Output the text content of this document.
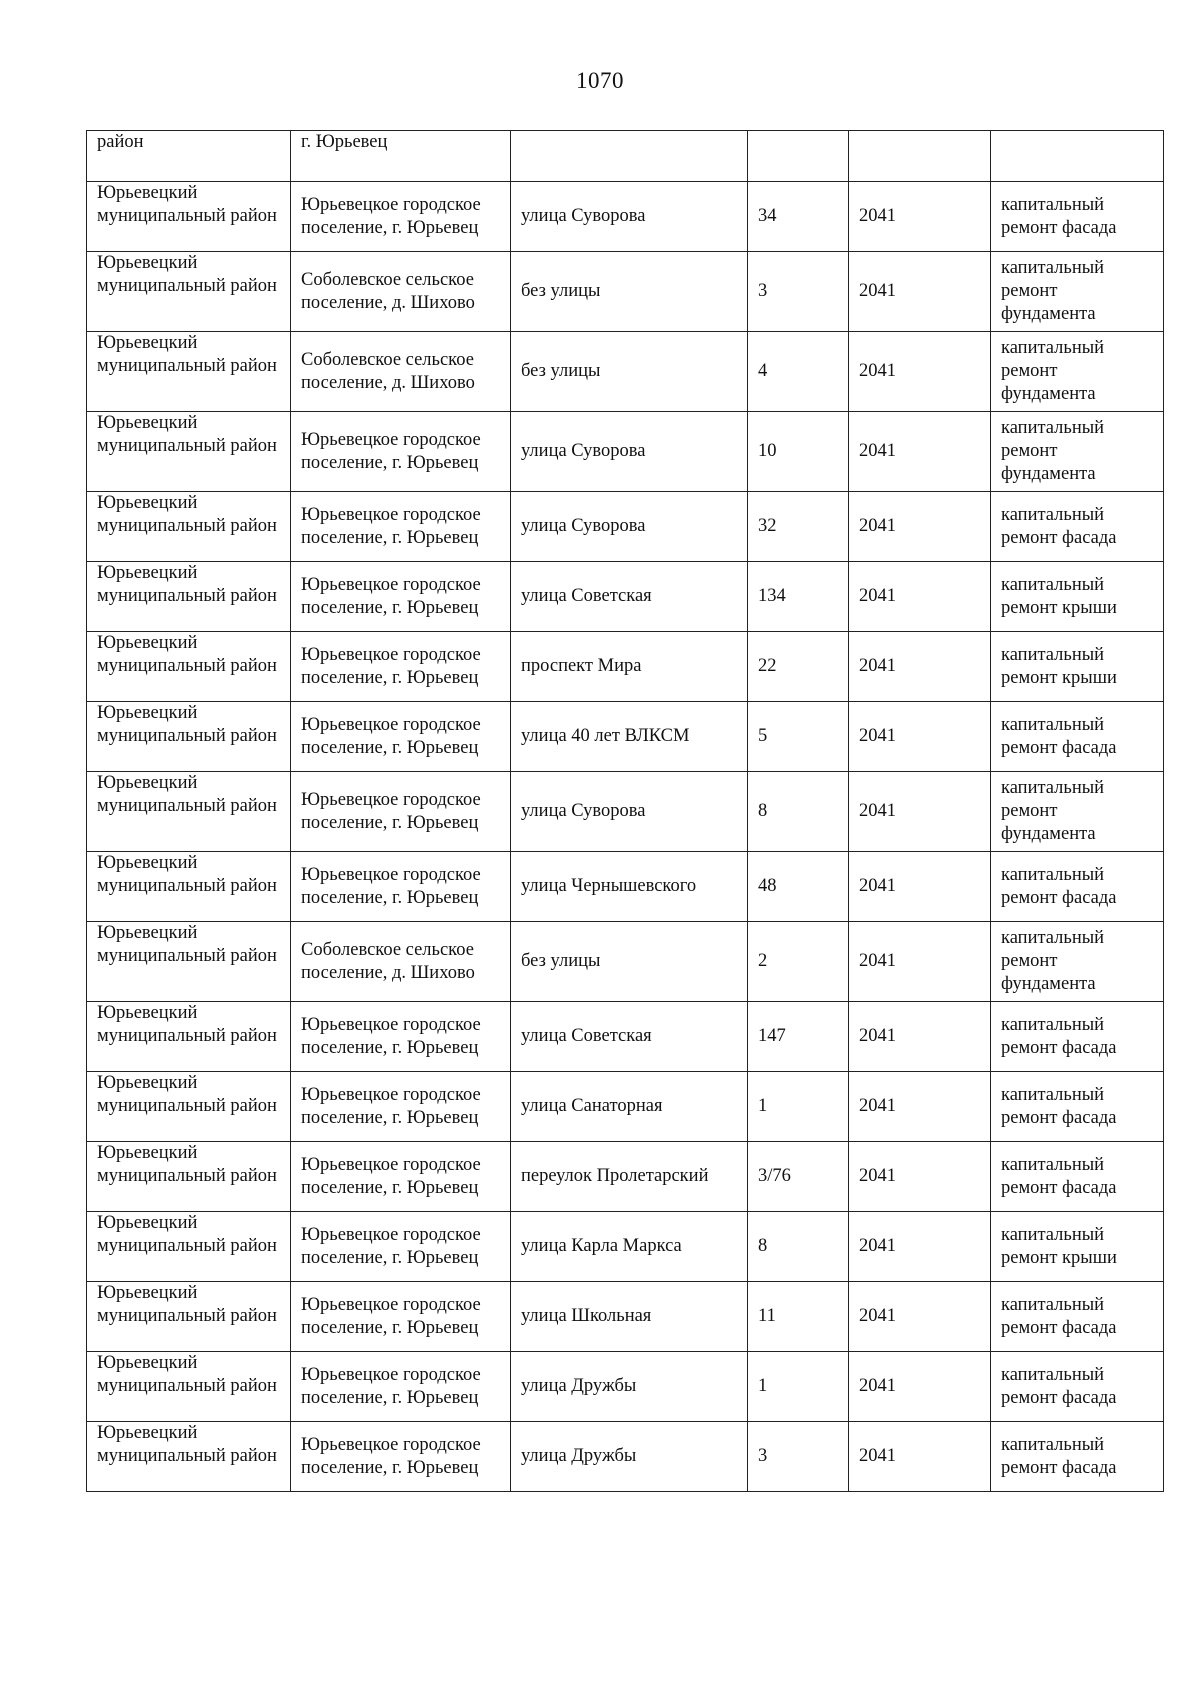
1070
район	г. Юрьевец				
Юрьевецкий муниципальный район	Юрьевецкое городское поселение, г. Юрьевец	улица Суворова	34	2041	капитальный ремонт фасада
Юрьевецкий муниципальный район	Соболевское сельское поселение, д. Шихово	без улицы	3	2041	капитальный ремонт фундамента
Юрьевецкий муниципальный район	Соболевское сельское поселение, д. Шихово	без улицы	4	2041	капитальный ремонт фундамента
Юрьевецкий муниципальный район	Юрьевецкое городское поселение, г. Юрьевец	улица Суворова	10	2041	капитальный ремонт фундамента
Юрьевецкий муниципальный район	Юрьевецкое городское поселение, г. Юрьевец	улица Суворова	32	2041	капитальный ремонт фасада
Юрьевецкий муниципальный район	Юрьевецкое городское поселение, г. Юрьевец	улица Советская	134	2041	капитальный ремонт крыши
Юрьевецкий муниципальный район	Юрьевецкое городское поселение, г. Юрьевец	проспект Мира	22	2041	капитальный ремонт крыши
Юрьевецкий муниципальный район	Юрьевецкое городское поселение, г. Юрьевец	улица 40 лет ВЛКСМ	5	2041	капитальный ремонт фасада
Юрьевецкий муниципальный район	Юрьевецкое городское поселение, г. Юрьевец	улица Суворова	8	2041	капитальный ремонт фундамента
Юрьевецкий муниципальный район	Юрьевецкое городское поселение, г. Юрьевец	улица Чернышевского	48	2041	капитальный ремонт фасада
Юрьевецкий муниципальный район	Соболевское сельское поселение, д. Шихово	без улицы	2	2041	капитальный ремонт фундамента
Юрьевецкий муниципальный район	Юрьевецкое городское поселение, г. Юрьевец	улица Советская	147	2041	капитальный ремонт фасада
Юрьевецкий муниципальный район	Юрьевецкое городское поселение, г. Юрьевец	улица Санаторная	1	2041	капитальный ремонт фасада
Юрьевецкий муниципальный район	Юрьевецкое городское поселение, г. Юрьевец	переулок Пролетарский	3/76	2041	капитальный ремонт фасада
Юрьевецкий муниципальный район	Юрьевецкое городское поселение, г. Юрьевец	улица Карла Маркса	8	2041	капитальный ремонт крыши
Юрьевецкий муниципальный район	Юрьевецкое городское поселение, г. Юрьевец	улица Школьная	11	2041	капитальный ремонт фасада
Юрьевецкий муниципальный район	Юрьевецкое городское поселение, г. Юрьевец	улица Дружбы	1	2041	капитальный ремонт фасада
Юрьевецкий муниципальный район	Юрьевецкое городское поселение, г. Юрьевец	улица Дружбы	3	2041	капитальный ремонт фасада
